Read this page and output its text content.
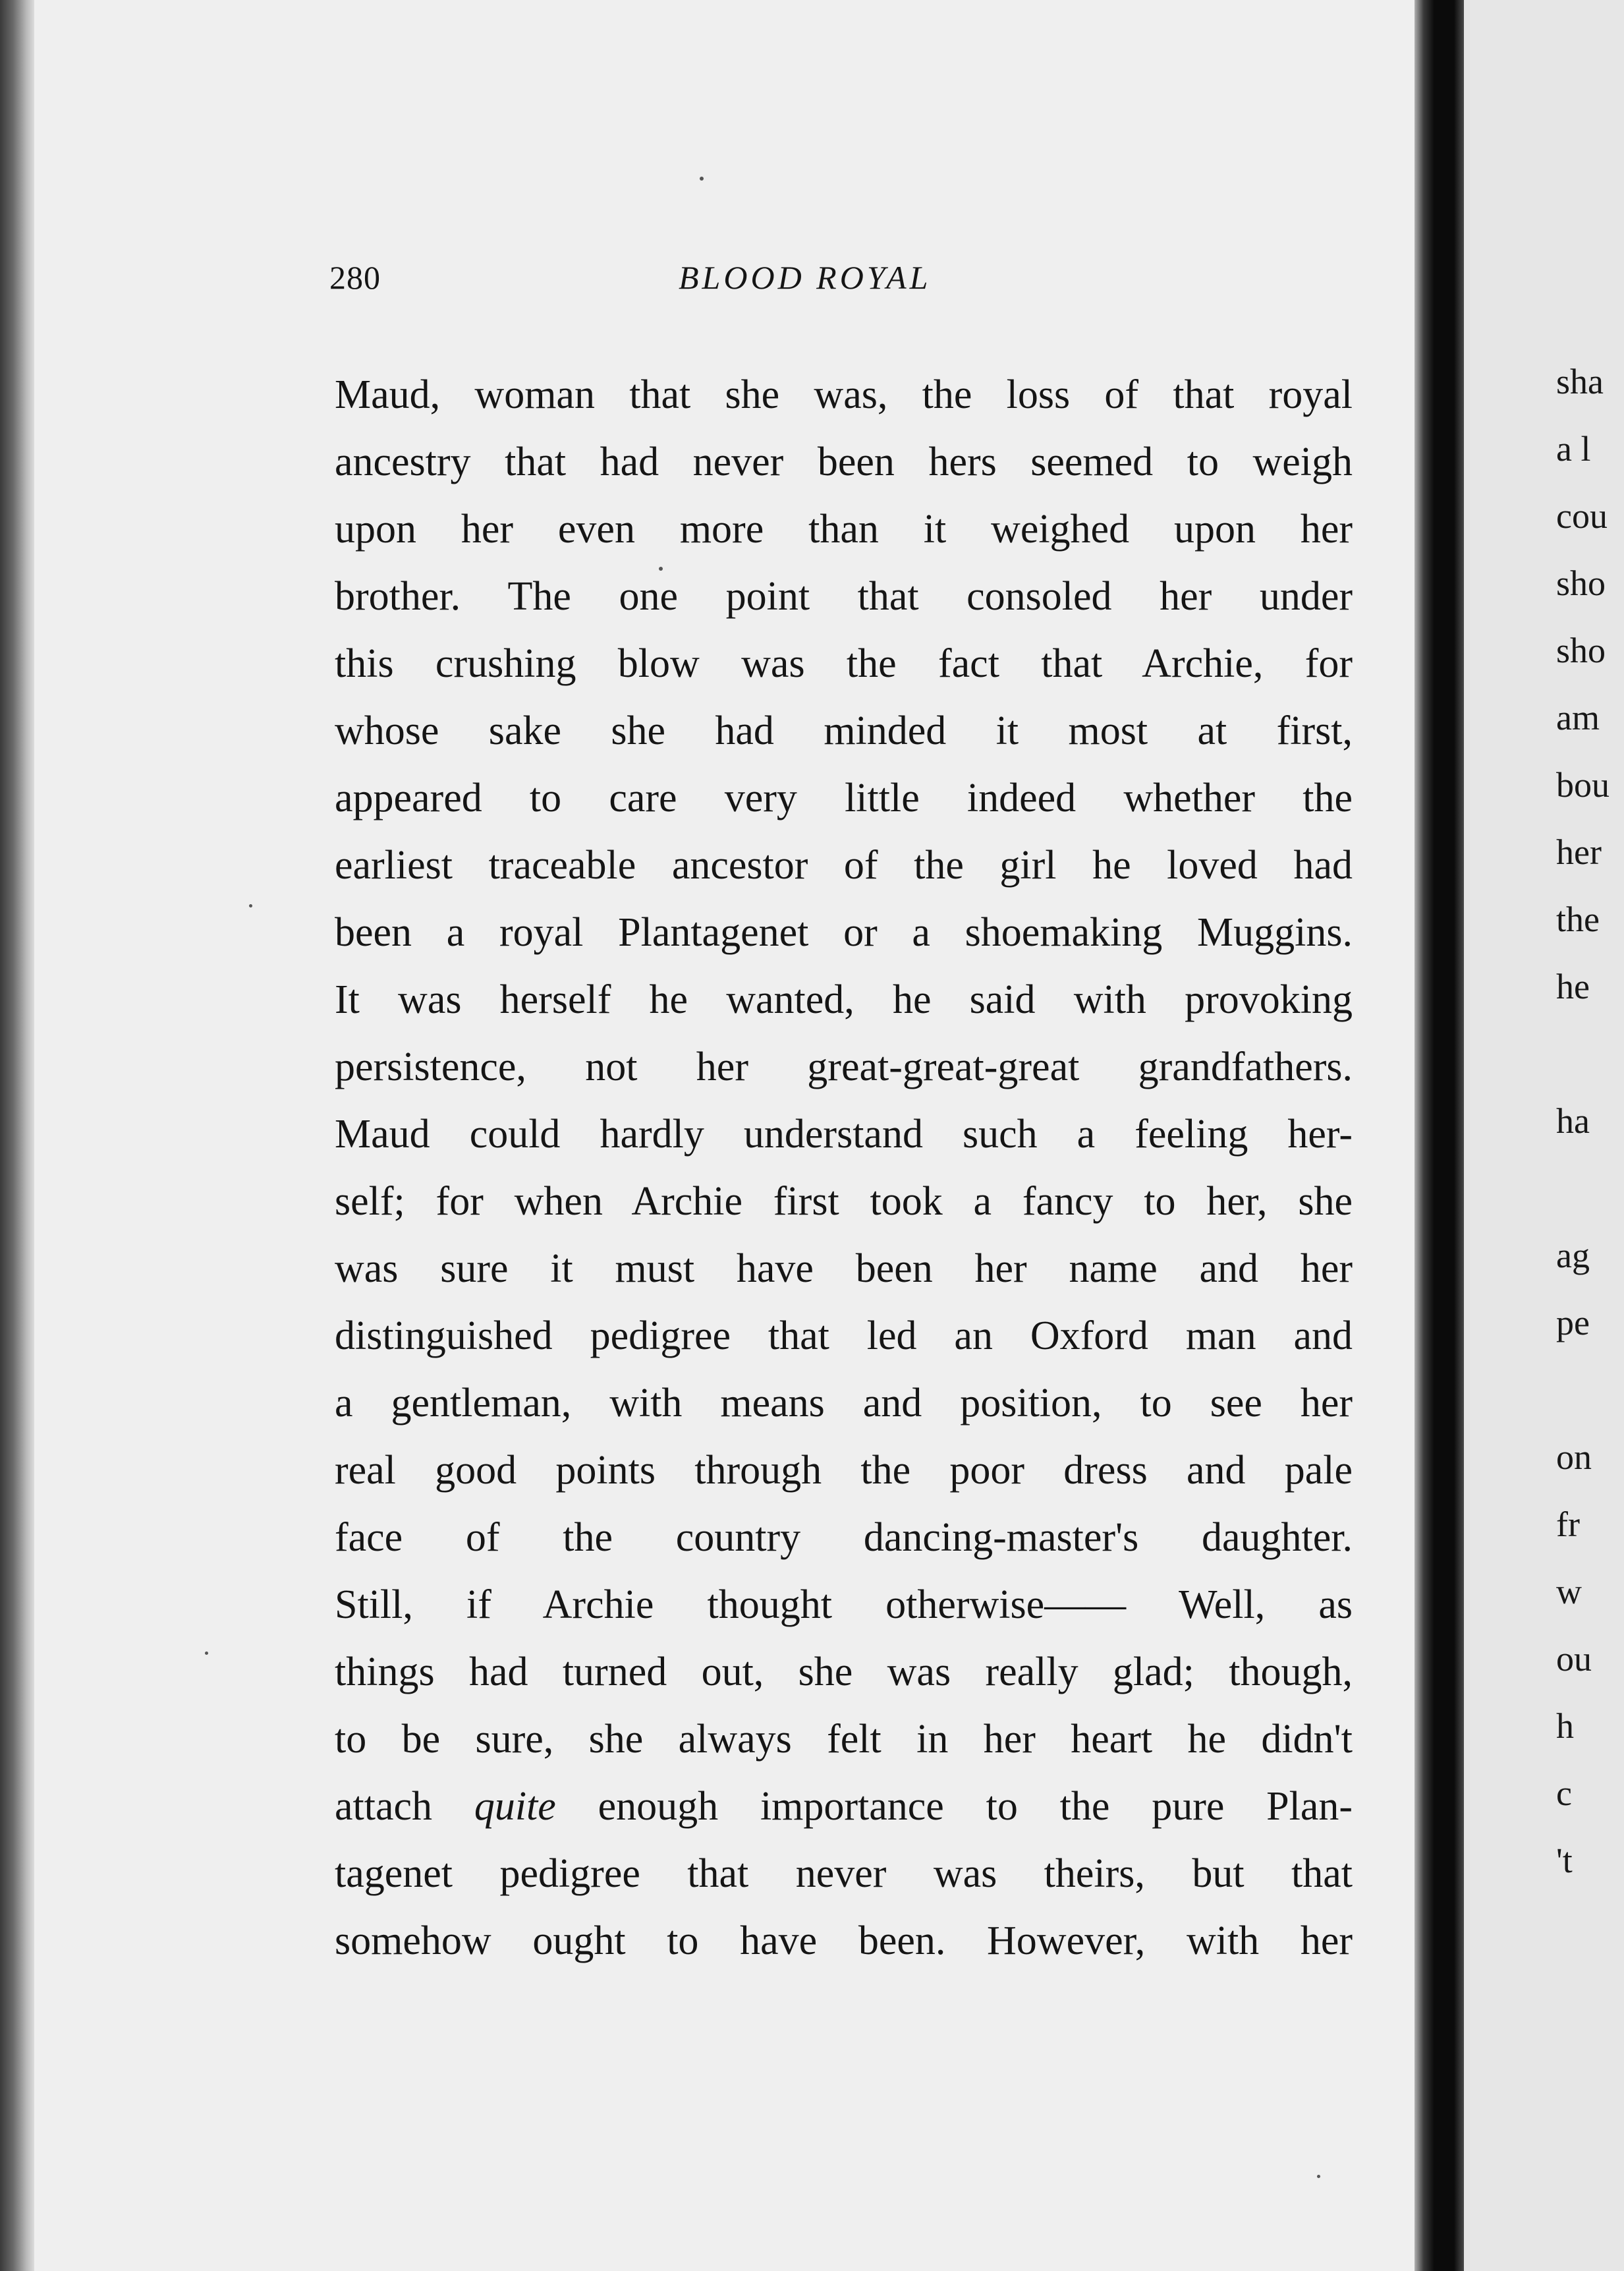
280	BLOOD ROYAL
Maud, woman that she was, the loss of that royal
ancestry that had never been hers seemed to weigh
upon her even more than it weighed upon her
brother. The one point that consoled her under
this crushing blow was the fact that Archie, for
whose sake she had minded it most at first,
appeared to care very little indeed whether the
earliest traceable ancestor of the girl he loved had
been a royal Plantagenet or a shoemaking Muggins.
It was herself he wanted, he said with provoking
persistence, not her great-great-great grandfathers.
Maud could hardly understand such a feeling her-
self; for when Archie first took a fancy to her, she
was sure it must have been her name and her
distinguished pedigree that led an Oxford man and
a gentleman, with means and position, to see her
real good points through the poor dress and pale
face of the country dancing-master's daughter.
Still, if Archie thought otherwise—— Well, as
things had turned out, she was really glad; though,
to be sure, she always felt in her heart he didn't
attach quite enough importance to the pure Plan-
tagenet pedigree that never was theirs, but that
somehow ought to have been. However, with her
sha
a l
cou
sho
sho
am
bou
her
the
he
ha
ag
pe
on
fr
w
ou
h
c
't
